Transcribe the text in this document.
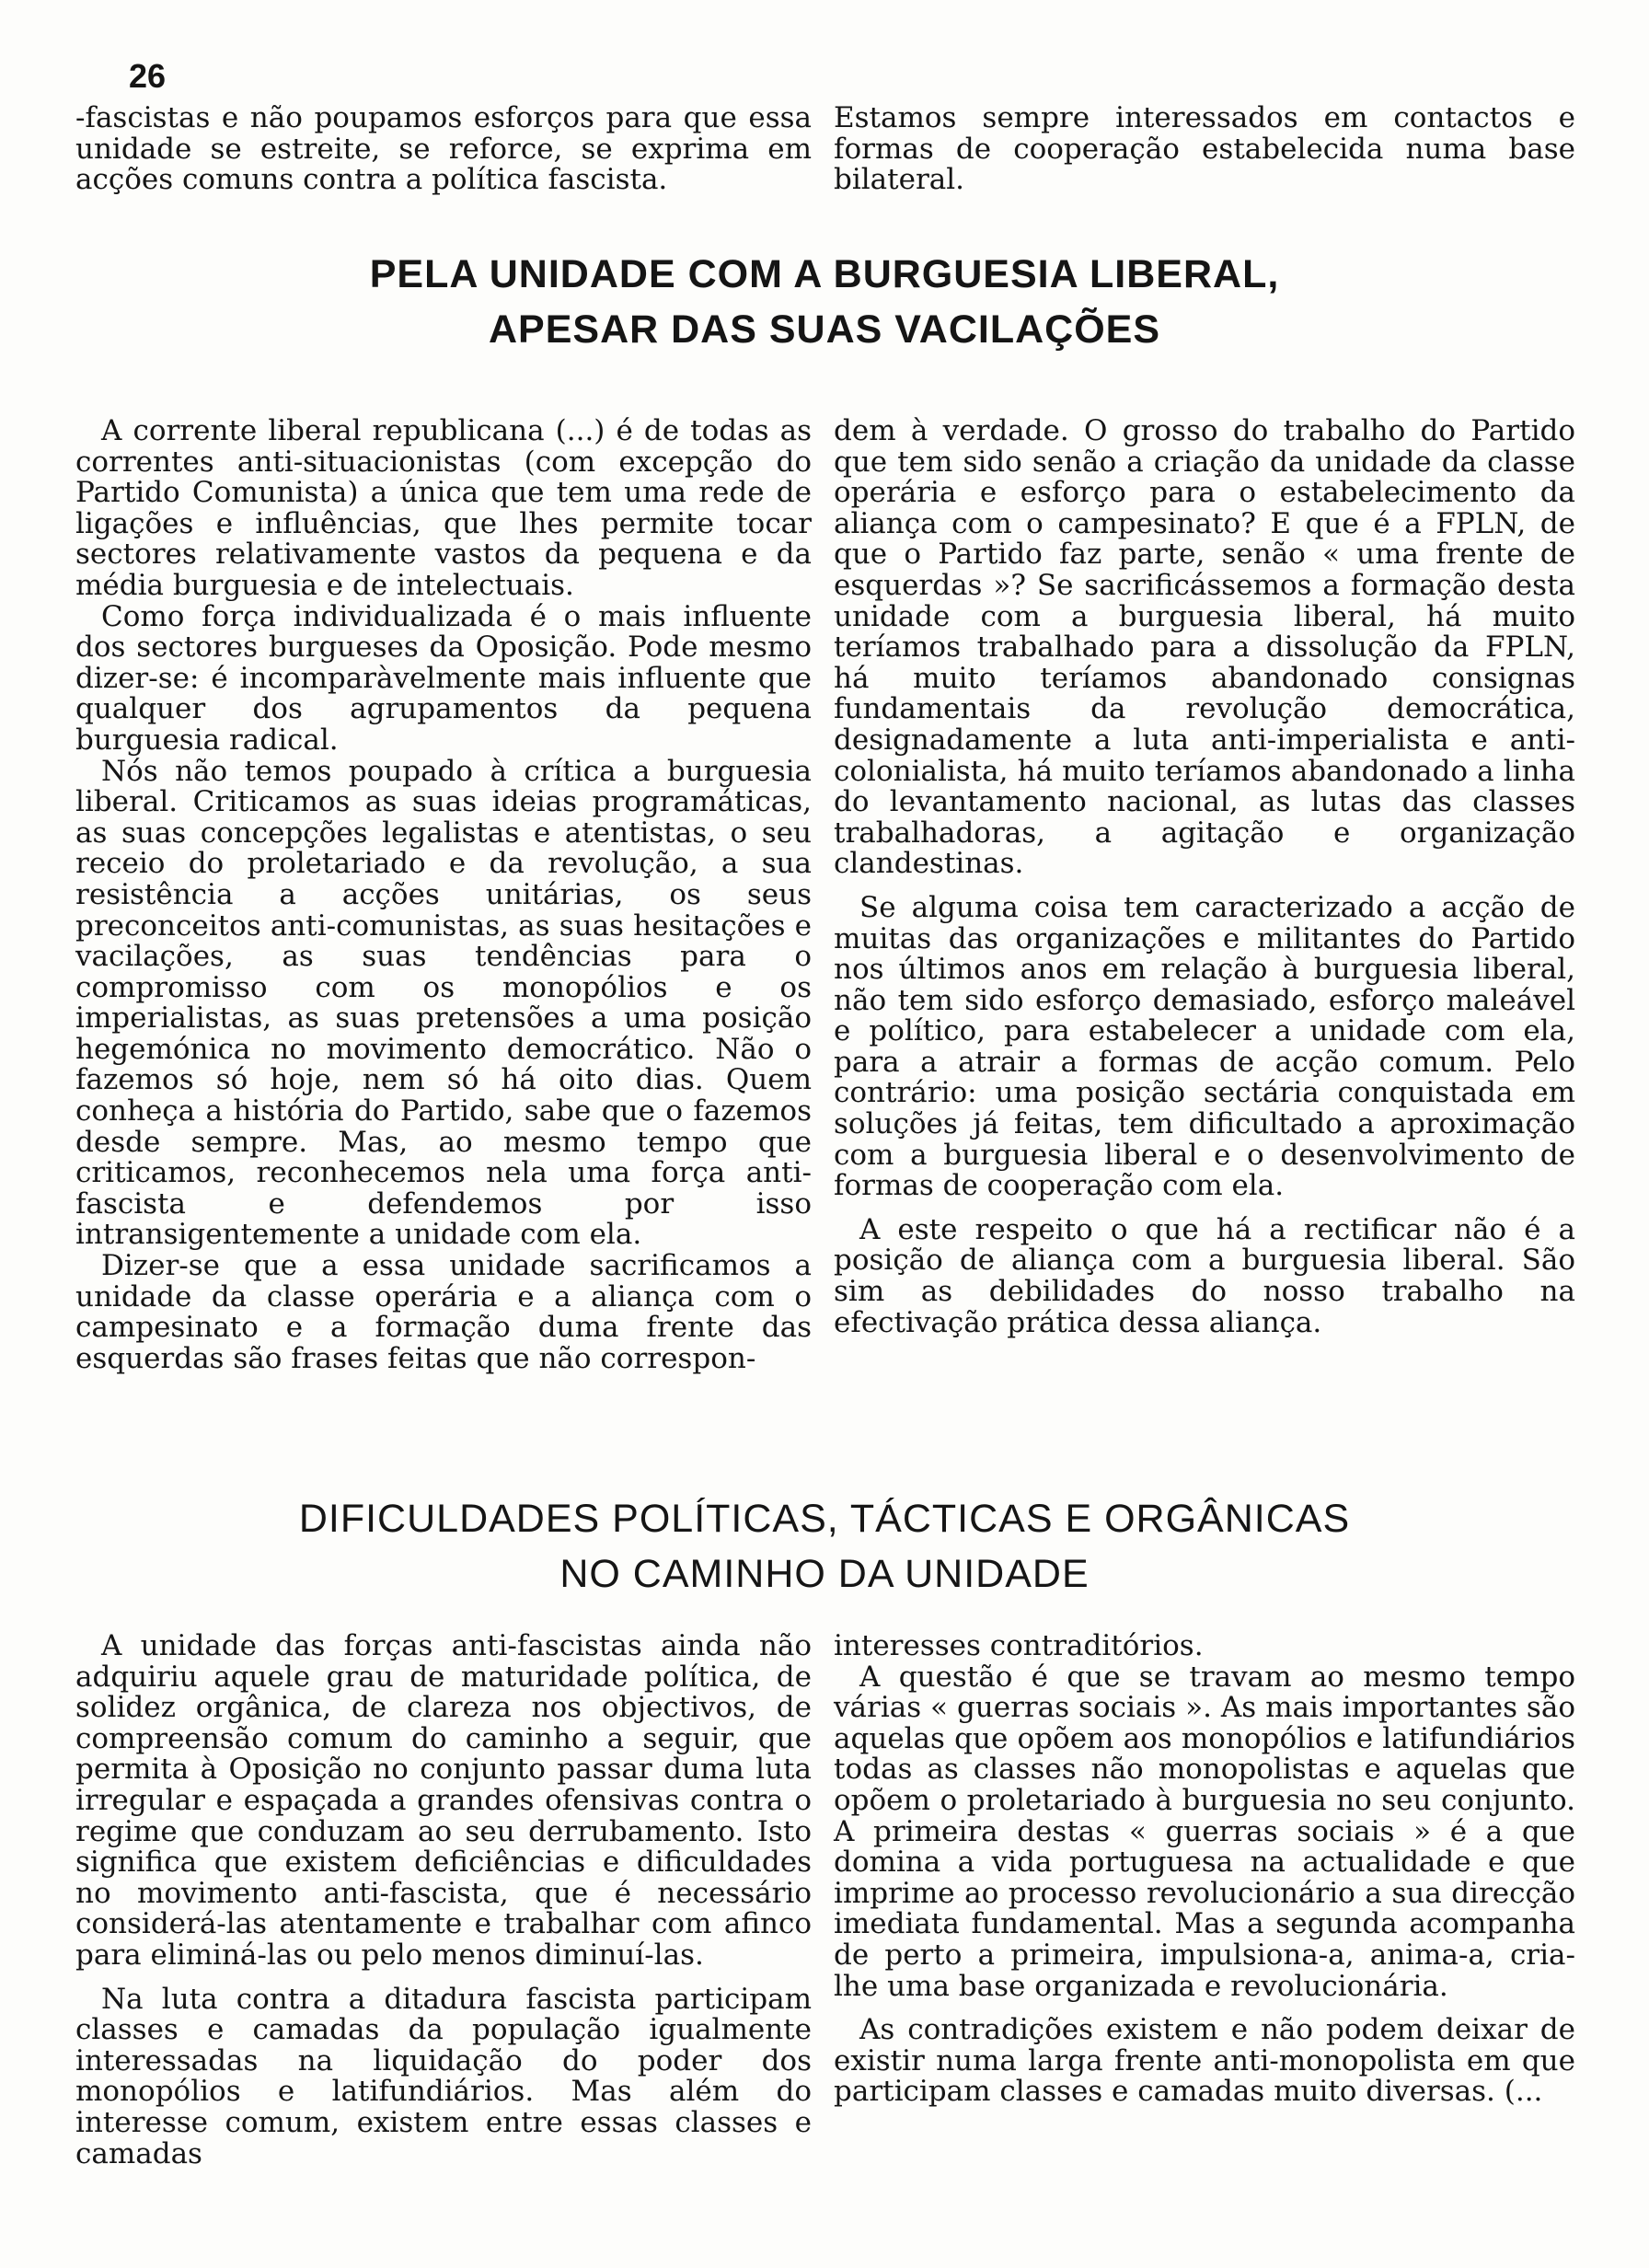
26

-fascistas e não poupamos esforços para que essa unidade se estreite, se reforce, se exprima em acções comuns contra a política fascista.

Estamos sempre interessados em contactos e formas de cooperação estabelecida numa base bilateral.

PELA UNIDADE COM A BURGUESIA LIBERAL,
APESAR DAS SUAS VACILAÇÕES

A corrente liberal republicana (...) é de todas as correntes anti-situacionistas (com excepção do Partido Comunista) a única que tem uma rede de ligações e influências, que lhes permite tocar sectores relativamente vastos da pequena e da média burguesia e de intelectuais.

Como força individualizada é o mais influente dos sectores burgueses da Oposição. Pode mesmo dizer-se: é incomparàvelmente mais influente que qualquer dos agrupamentos da pequena burguesia radical.

Nós não temos poupado à crítica a burguesia liberal. Criticamos as suas ideias programáticas, as suas concepções legalistas e atentistas, o seu receio do proletariado e da revolução, a sua resistência a acções unitárias, os seus preconceitos anti-comunistas, as suas hesitações e vacilações, as suas tendências para o compromisso com os monopólios e os imperialistas, as suas pretensões a uma posição hegemónica no movimento democrático. Não o fazemos só hoje, nem só há oito dias. Quem conheça a história do Partido, sabe que o fazemos desde sempre. Mas, ao mesmo tempo que criticamos, reconhecemos nela uma força anti-fascista e defendemos por isso intransigentemente a unidade com ela.

Dizer-se que a essa unidade sacrificamos a unidade da classe operária e a aliança com o campesinato e a formação duma frente das esquerdas são frases feitas que não correspon-

dem à verdade. O grosso do trabalho do Partido que tem sido senão a criação da unidade da classe operária e esforço para o estabelecimento da aliança com o campesinato? E que é a FPLN, de que o Partido faz parte, senão « uma frente de esquerdas »? Se sacrificássemos a formação desta unidade com a burguesia liberal, há muito teríamos trabalhado para a dissolução da FPLN, há muito teríamos abandonado consignas fundamentais da revolução democrática, designadamente a luta anti-imperialista e anti-colonialista, há muito teríamos abandonado a linha do levantamento nacional, as lutas das classes trabalhadoras, a agitação e organização clandestinas.

Se alguma coisa tem caracterizado a acção de muitas das organizações e militantes do Partido nos últimos anos em relação à burguesia liberal, não tem sido esforço demasiado, esforço maleável e político, para estabelecer a unidade com ela, para a atrair a formas de acção comum. Pelo contrário: uma posição sectária conquistada em soluções já feitas, tem dificultado a aproximação com a burguesia liberal e o desenvolvimento de formas de cooperação com ela.

A este respeito o que há a rectificar não é a posição de aliança com a burguesia liberal. São sim as debilidades do nosso trabalho na efectivação prática dessa aliança.

DIFICULDADES POLÍTICAS, TÁCTICAS E ORGÂNICAS
NO CAMINHO DA UNIDADE

A unidade das forças anti-fascistas ainda não adquiriu aquele grau de maturidade política, de solidez orgânica, de clareza nos objectivos, de compreensão comum do caminho a seguir, que permita à Oposição no conjunto passar duma luta irregular e espaçada a grandes ofensivas contra o regime que conduzam ao seu derrubamento. Isto significa que existem deficiências e dificuldades no movimento anti-fascista, que é necessário considerá-las atentamente e trabalhar com afinco para eliminá-las ou pelo menos diminuí-las.

Na luta contra a ditadura fascista participam classes e camadas da população igualmente interessadas na liquidação do poder dos monopólios e latifundiários. Mas além do interesse comum, existem entre essas classes e camadas

interesses contraditórios.

A questão é que se travam ao mesmo tempo várias « guerras sociais ». As mais importantes são aquelas que opõem aos monopólios e latifundiários todas as classes não monopolistas e aquelas que opõem o proletariado à burguesia no seu conjunto. A primeira destas « guerras sociais » é a que domina a vida portuguesa na actualidade e que imprime ao processo revolucionário a sua direcção imediata fundamental. Mas a segunda acompanha de perto a primeira, impulsiona-a, anima-a, cria-lhe uma base organizada e revolucionária.

As contradições existem e não podem deixar de existir numa larga frente anti-monopolista em que participam classes e camadas muito diversas. (...
